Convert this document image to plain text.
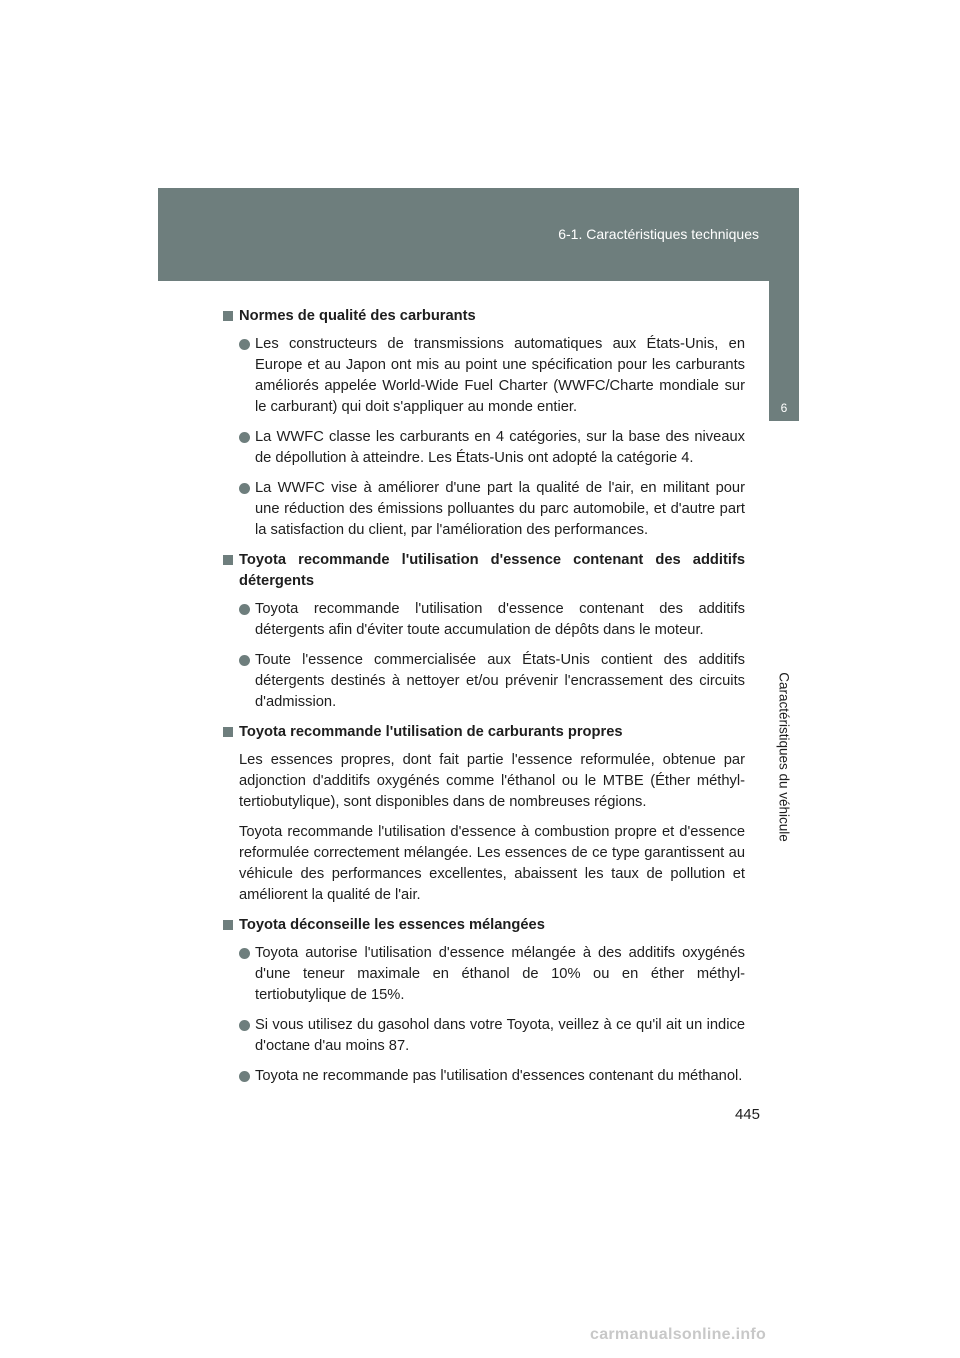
6-1. Caractéristiques techniques
6
Caractéristiques du véhicule
Normes de qualité des carburants
Les constructeurs de transmissions automatiques aux États-Unis, en Europe et au Japon ont mis au point une spécification pour les carburants améliorés appelée World-Wide Fuel Charter (WWFC/Charte mondiale sur le carburant) qui doit s'appliquer au monde entier.
La WWFC classe les carburants en 4 catégories, sur la base des niveaux de dépollution à atteindre. Les États-Unis ont adopté la catégorie 4.
La WWFC vise à améliorer d'une part la qualité de l'air, en militant pour une réduction des émissions polluantes du parc automobile, et d'autre part la satisfaction du client, par l'amélioration des performances.
Toyota recommande l'utilisation d'essence contenant des additifs détergents
Toyota recommande l'utilisation d'essence contenant des additifs détergents afin d'éviter toute accumulation de dépôts dans le moteur.
Toute l'essence commercialisée aux États-Unis contient des additifs détergents destinés à nettoyer et/ou prévenir l'encrassement des circuits d'admission.
Toyota recommande l'utilisation de carburants propres
Les essences propres, dont fait partie l'essence reformulée, obtenue par adjonction d'additifs oxygénés comme l'éthanol ou le MTBE (Éther méthyl-tertiobutylique), sont disponibles dans de nombreuses régions.
Toyota recommande l'utilisation d'essence à combustion propre et d'essence reformulée correctement mélangée. Les essences de ce type garantissent au véhicule des performances excellentes, abaissent les taux de pollution et améliorent la qualité de l'air.
Toyota déconseille les essences mélangées
Toyota autorise l'utilisation d'essence mélangée à des additifs oxygénés d'une teneur maximale en éthanol de 10% ou en éther méthyl-tertiobutylique de 15%.
Si vous utilisez du gasohol dans votre Toyota, veillez à ce qu'il ait un indice d'octane d'au moins 87.
Toyota ne recommande pas l'utilisation d'essences contenant du méthanol.
445
carmanualsonline.info
